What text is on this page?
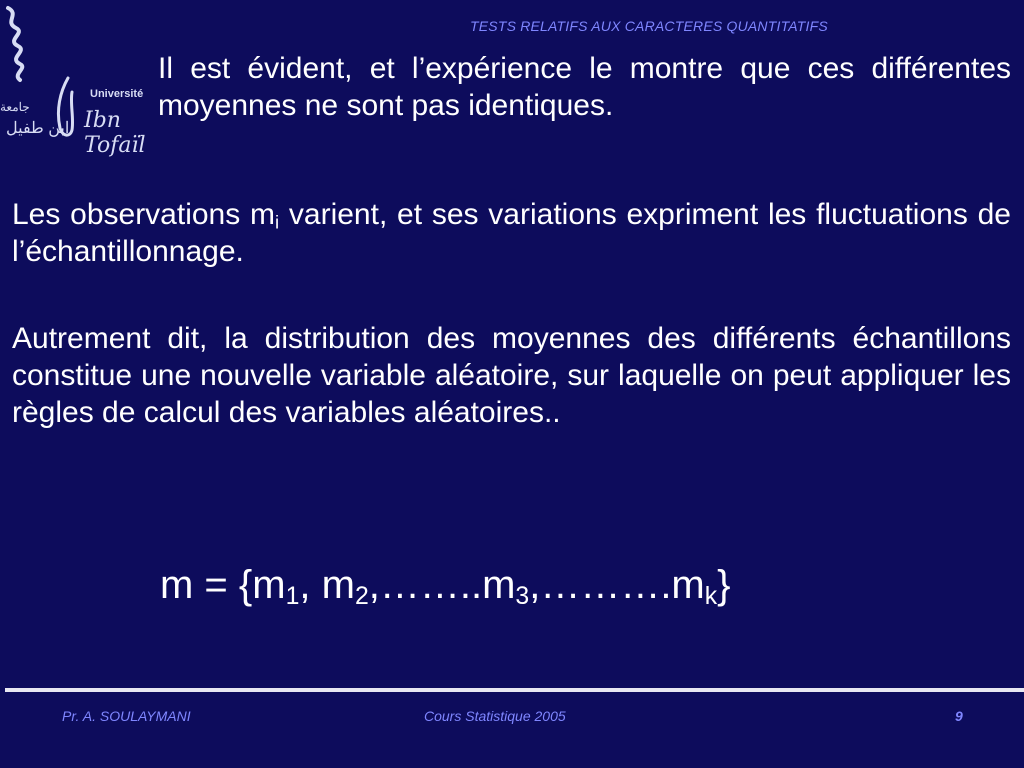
TESTS RELATIFS AUX CARACTERES QUANTITATIFS
Université
Ibn Tofaïl
جامعة
ابن طفيل
Il est évident, et l’expérience le montre que ces différentes moyennes ne sont pas identiques.
Les observations $m_i$ varient, et ses variations expriment les fluctuations de l’échantillonnage.
Autrement dit, la distribution des moyennes des différents échantillons constitue une nouvelle variable aléatoire, sur laquelle on peut appliquer les règles de calcul des variables aléatoires..
$m = \{m_1$, $m_2,\dots\dots..m_3,\dots\dots\dots.m_k$}
Pr. A. SOULAYMANI	Cours Statistique 2005	9
